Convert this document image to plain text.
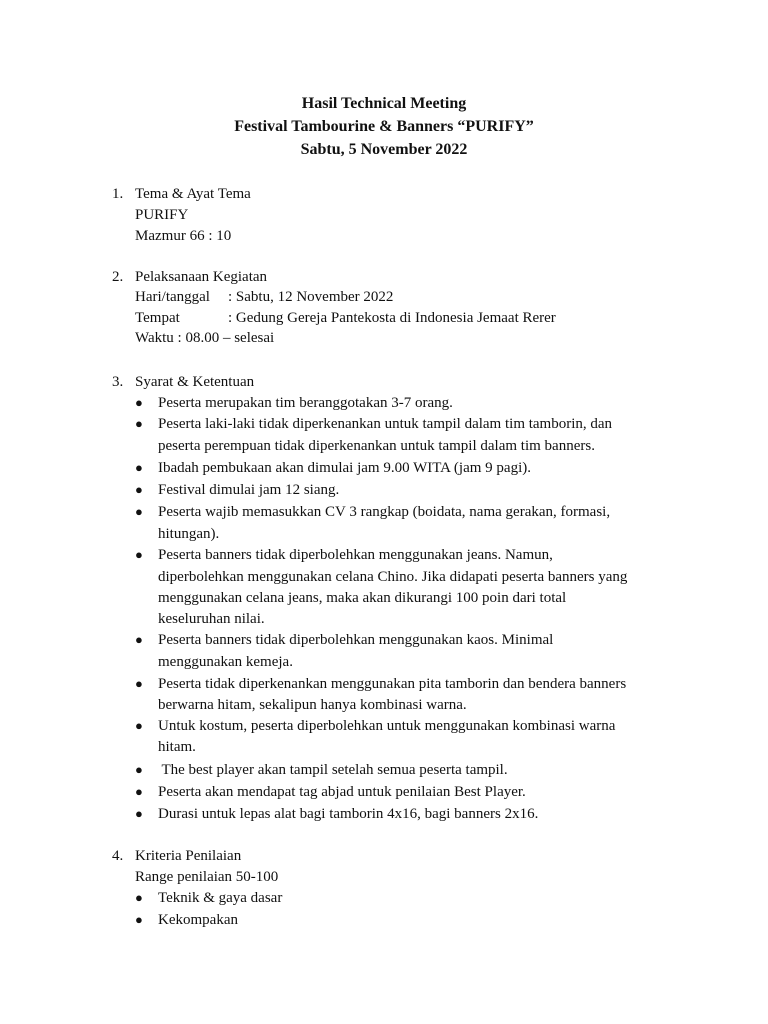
Hasil Technical Meeting
Festival Tambourine & Banners “PURIFY”
Sabtu, 5 November 2022
1. Tema & Ayat Tema
PURIFY
Mazmur 66 : 10
2. Pelaksanaan Kegiatan
Hari/tanggal : Sabtu, 12 November 2022
Tempat	: Gedung Gereja Pantekosta di Indonesia Jemaat Rerer
Waktu : 08.00 – selesai
3. Syarat & Ketentuan
● Peserta merupakan tim beranggotakan 3-7 orang.
● Peserta laki-laki tidak diperkenankan untuk tampil dalam tim tamborin, dan
peserta perempuan tidak diperkenankan untuk tampil dalam tim banners.
● Ibadah pembukaan akan dimulai jam 9.00 WITA (jam 9 pagi).
● Festival dimulai jam 12 siang.
● Peserta wajib memasukkan CV 3 rangkap (boidata, nama gerakan, formasi,
hitungan).
● Peserta banners tidak diperbolehkan menggunakan jeans. Namun,
diperbolehkan menggunakan celana Chino. Jika didapati peserta banners yang
menggunakan celana jeans, maka akan dikurangi 100 poin dari total
keseluruhan nilai.
● Peserta banners tidak diperbolehkan menggunakan kaos. Minimal
menggunakan kemeja.
● Peserta tidak diperkenankan menggunakan pita tamborin dan bendera banners
berwarna hitam, sekalipun hanya kombinasi warna.
● Untuk kostum, peserta diperbolehkan untuk menggunakan kombinasi warna
hitam.
● The best player akan tampil setelah semua peserta tampil.
● Peserta akan mendapat tag abjad untuk penilaian Best Player.
● Durasi untuk lepas alat bagi tamborin 4x16, bagi banners 2x16.
4. Kriteria Penilaian
Range penilaian 50-100
● Teknik & gaya dasar
● Kekompakan
